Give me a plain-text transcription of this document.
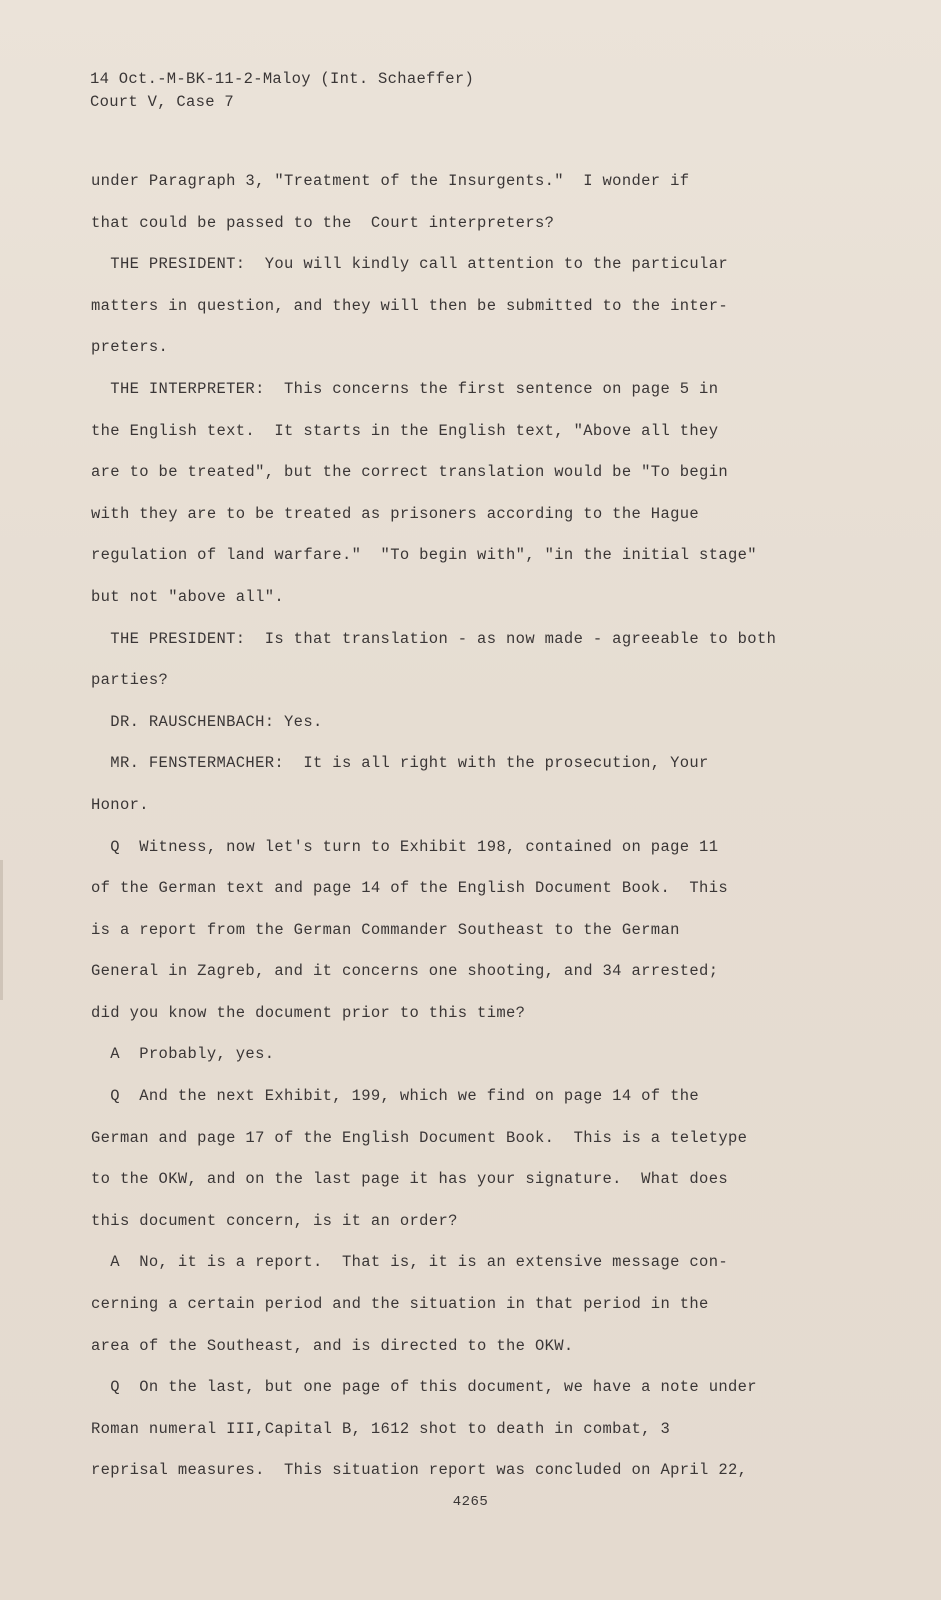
14 Oct.-M-BK-11-2-Maloy (Int. Schaeffer)
Court V, Case 7
under Paragraph 3, "Treatment of the Insurgents."  I wonder if
that could be passed to the  Court interpreters?
THE PRESIDENT:  You will kindly call attention to the particular
matters in question, and they will then be submitted to the inter-
preters.
THE INTERPRETER:  This concerns the first sentence on page 5 in
the English text.  It starts in the English text, "Above all they
are to be treated", but the correct translation would be "To begin
with they are to be treated as prisoners according to the Hague
regulation of land warfare."  "To begin with", "in the initial stage"
but not "above all".
THE PRESIDENT:  Is that translation - as now made - agreeable to both
parties?
DR. RAUSCHENBACH: Yes.
MR. FENSTERMACHER:  It is all right with the prosecution, Your
Honor.
Q  Witness, now let's turn to Exhibit 198, contained on page 11
of the German text and page 14 of the English Document Book.  This
is a report from the German Commander Southeast to the German
General in Zagreb, and it concerns one shooting, and 34 arrested;
did you know the document prior to this time?
A  Probably, yes.
Q  And the next Exhibit, 199, which we find on page 14 of the
German and page 17 of the English Document Book.  This is a teletype
to the OKW, and on the last page it has your signature.  What does
this document concern, is it an order?
A  No, it is a report.  That is, it is an extensive message con-
cerning a certain period and the situation in that period in the
area of the Southeast, and is directed to the OKW.
Q  On the last, but one page of this document, we have a note under
Roman numeral III,Capital B, 1612 shot to death in combat, 3
reprisal measures.  This situation report was concluded on April 22,
4265
